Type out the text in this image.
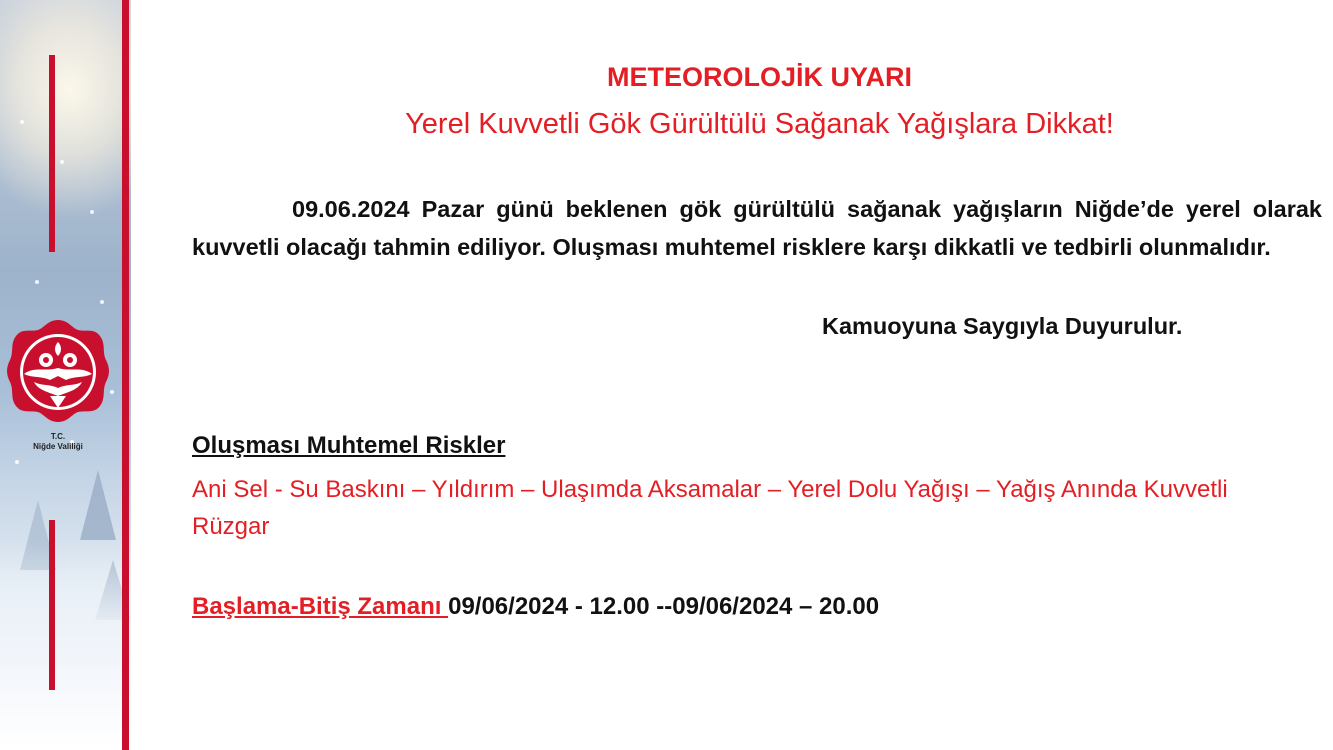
T.C.
Niğde Valiliği
METEOROLOJİK UYARI
Yerel Kuvvetli Gök Gürültülü Sağanak Yağışlara Dikkat!
09.06.2024 Pazar günü beklenen gök gürültülü sağanak yağışların Niğde’de yerel olarak kuvvetli olacağı tahmin ediliyor. Oluşması muhtemel risklere karşı dikkatli ve tedbirli olunmalıdır.
Kamuoyuna Saygıyla Duyurulur.
Oluşması Muhtemel Riskler
Ani Sel - Su Baskını – Yıldırım – Ulaşımda Aksamalar – Yerel Dolu Yağışı – Yağış Anında Kuvvetli Rüzgar
Başlama-Bitiş Zamanı 09/06/2024 - 12.00 --09/06/2024 – 20.00
